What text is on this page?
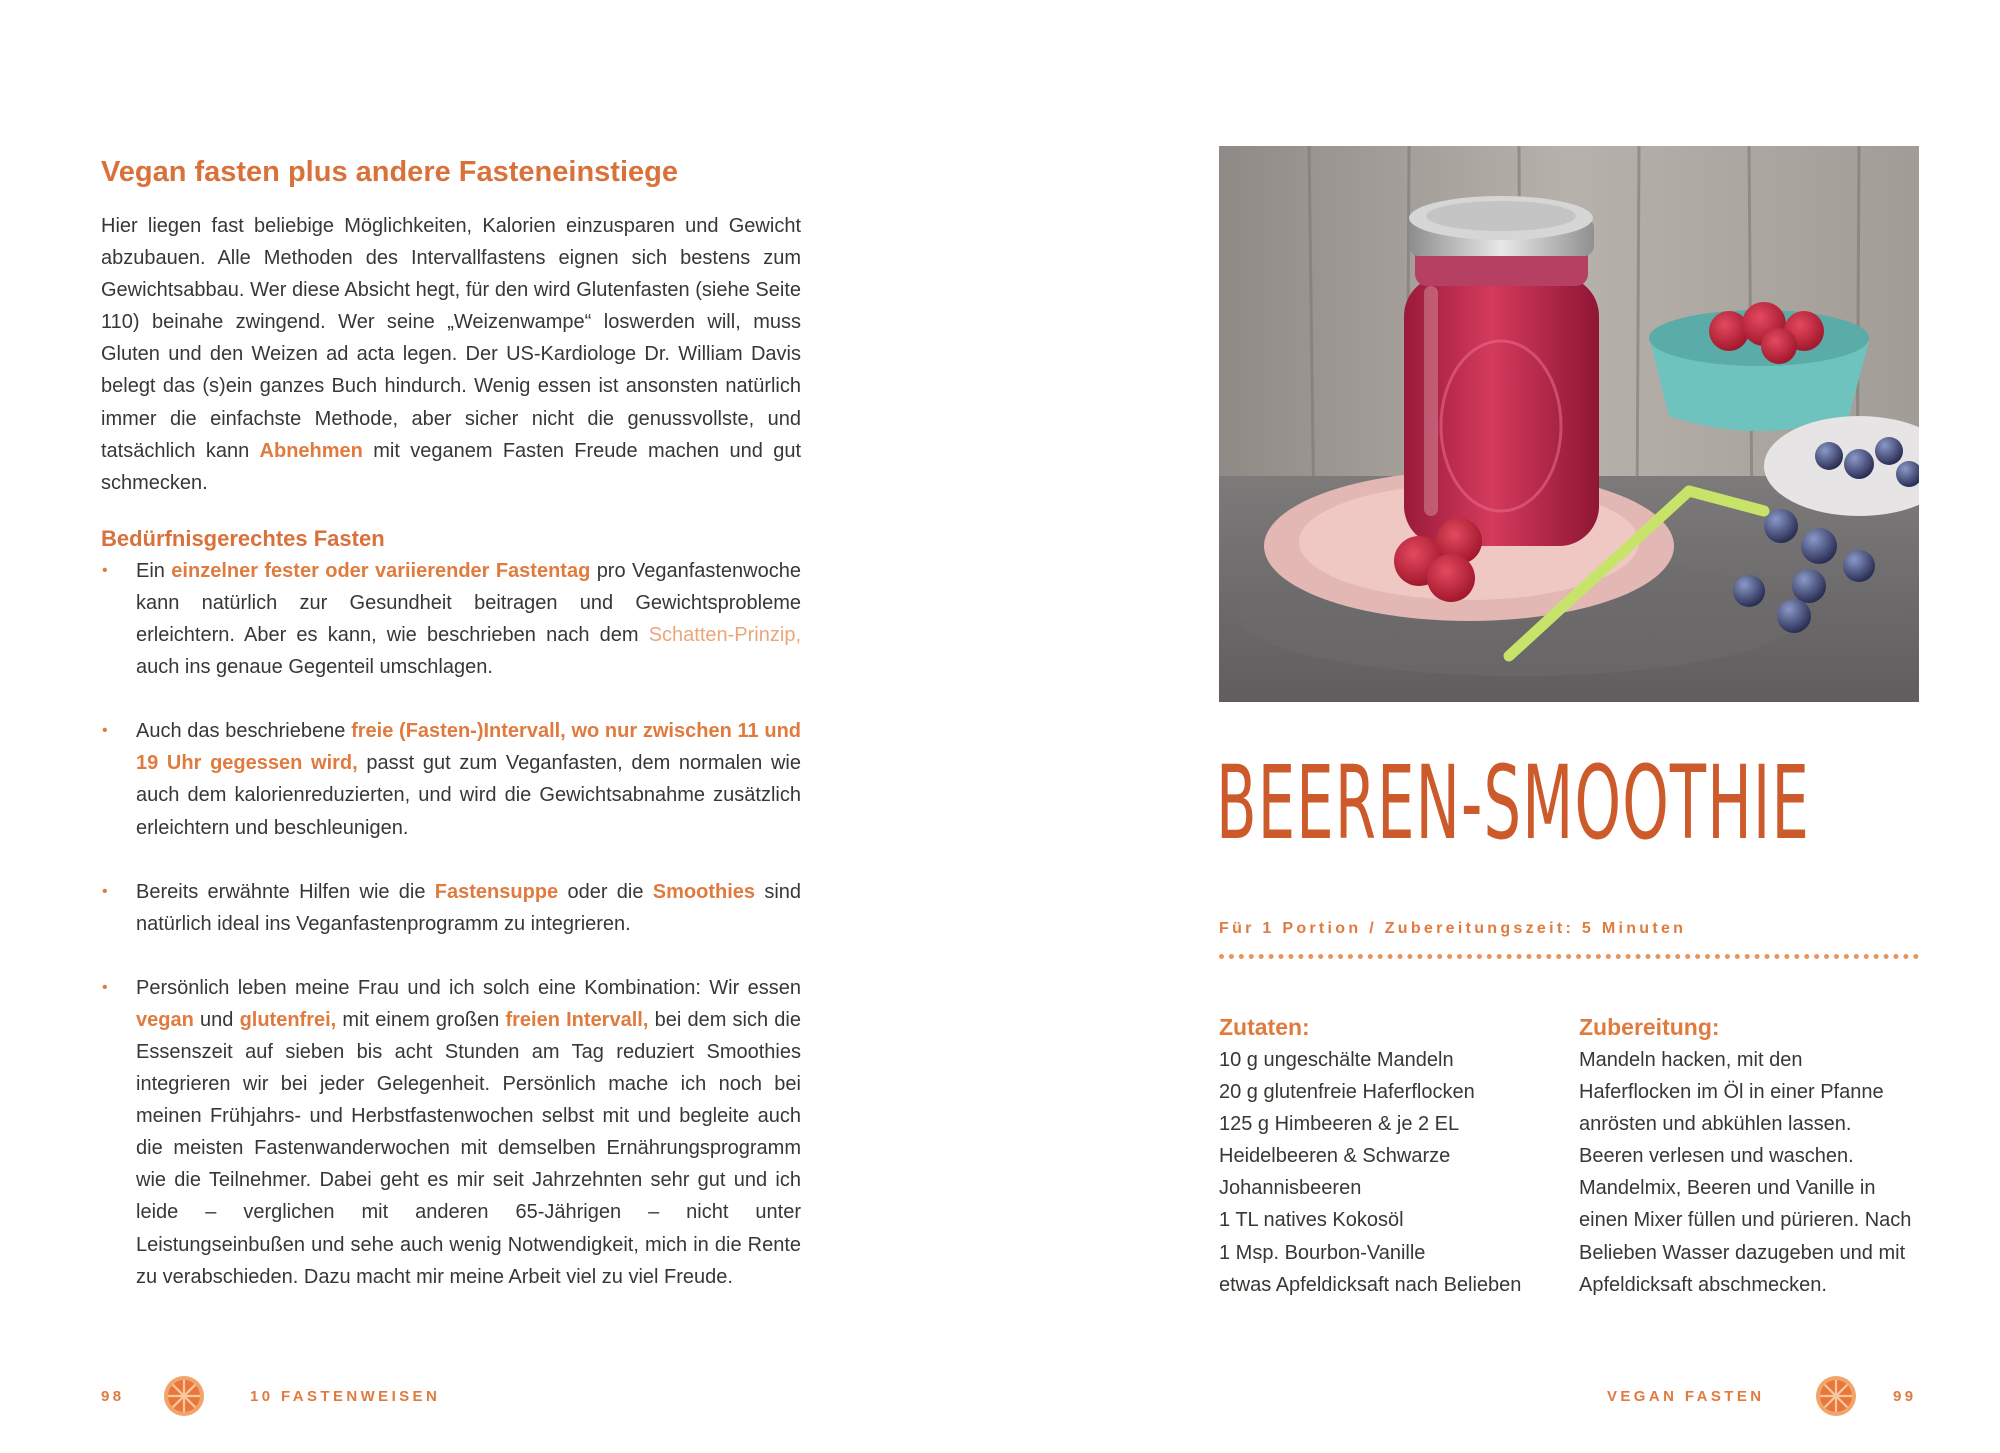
Vegan fasten plus andere Fasteneinstiege

Hier liegen fast beliebige Möglichkeiten, Kalorien einzusparen und Gewicht abzubauen. Alle Methoden des Intervallfastens eignen sich bestens zum Gewichtsabbau. Wer diese Absicht hegt, für den wird Glutenfasten (siehe Seite 110) beinahe zwingend. Wer seine „Weizenwampe“ loswerden will, muss Gluten und den Weizen ad acta legen. Der US-Kardiologe Dr. William Davis belegt das (s)ein ganzes Buch hindurch. Wenig essen ist ansonsten natürlich immer die einfachste Methode, aber sicher nicht die genussvollste, und tatsächlich kann Abnehmen mit veganem Fasten Freude machen und gut schmecken.

Bedürfnisgerechtes Fasten
• Ein einzelner fester oder variierender Fastentag pro Veganfastenwoche kann natürlich zur Gesundheit beitragen und Gewichtsprobleme erleichtern. Aber es kann, wie beschrieben nach dem Schatten-Prinzip, auch ins genaue Gegenteil umschlagen.
• Auch das beschriebene freie (Fasten-)Intervall, wo nur zwischen 11 und 19 Uhr gegessen wird, passt gut zum Veganfasten, dem normalen wie auch dem kalorienreduzierten, und wird die Gewichtsabnahme zusätzlich erleichtern und beschleunigen.
• Bereits erwähnte Hilfen wie die Fastensuppe oder die Smoothies sind natürlich ideal ins Veganfastenprogramm zu integrieren.
• Persönlich leben meine Frau und ich solch eine Kombination: Wir essen vegan und glutenfrei, mit einem großen freien Intervall, bei dem sich die Essenszeit auf sieben bis acht Stunden am Tag reduziert Smoothies integrieren wir bei jeder Gelegenheit. Persönlich mache ich noch bei meinen Frühjahrs- und Herbstfastenwochen selbst mit und begleite auch die meisten Fastenwanderwochen mit demselben Ernährungsprogramm wie die Teilnehmer. Dabei geht es mir seit Jahrzehnten sehr gut und ich leide – verglichen mit anderen 65-Jährigen – nicht unter Leistungseinbußen und sehe auch wenig Notwendigkeit, mich in die Rente zu verabschieden. Dazu macht mir meine Arbeit viel zu viel Freude.
BEEREN-SMOOTHIE
Für 1 Portion / Zubereitungszeit: 5 Minuten
Zutaten:
10 g ungeschälte Mandeln
20 g glutenfreie Haferflocken
125 g Himbeeren & je 2 EL Heidelbeeren & Schwarze Johannisbeeren
1 TL natives Kokosöl
1 Msp. Bourbon-Vanille
etwas Apfeldicksaft nach Belieben
Zubereitung:

Mandeln hacken, mit den Haferflocken im Öl in einer Pfanne anrösten und abkühlen lassen. Beeren verlesen und waschen. Mandelmix, Beeren und Vanille in einen Mixer füllen und pürieren. Nach Belieben Wasser dazugeben und mit Apfeldicksaft abschmecken.

98	10 FASTENWEISEN	VEGAN FASTEN	99
